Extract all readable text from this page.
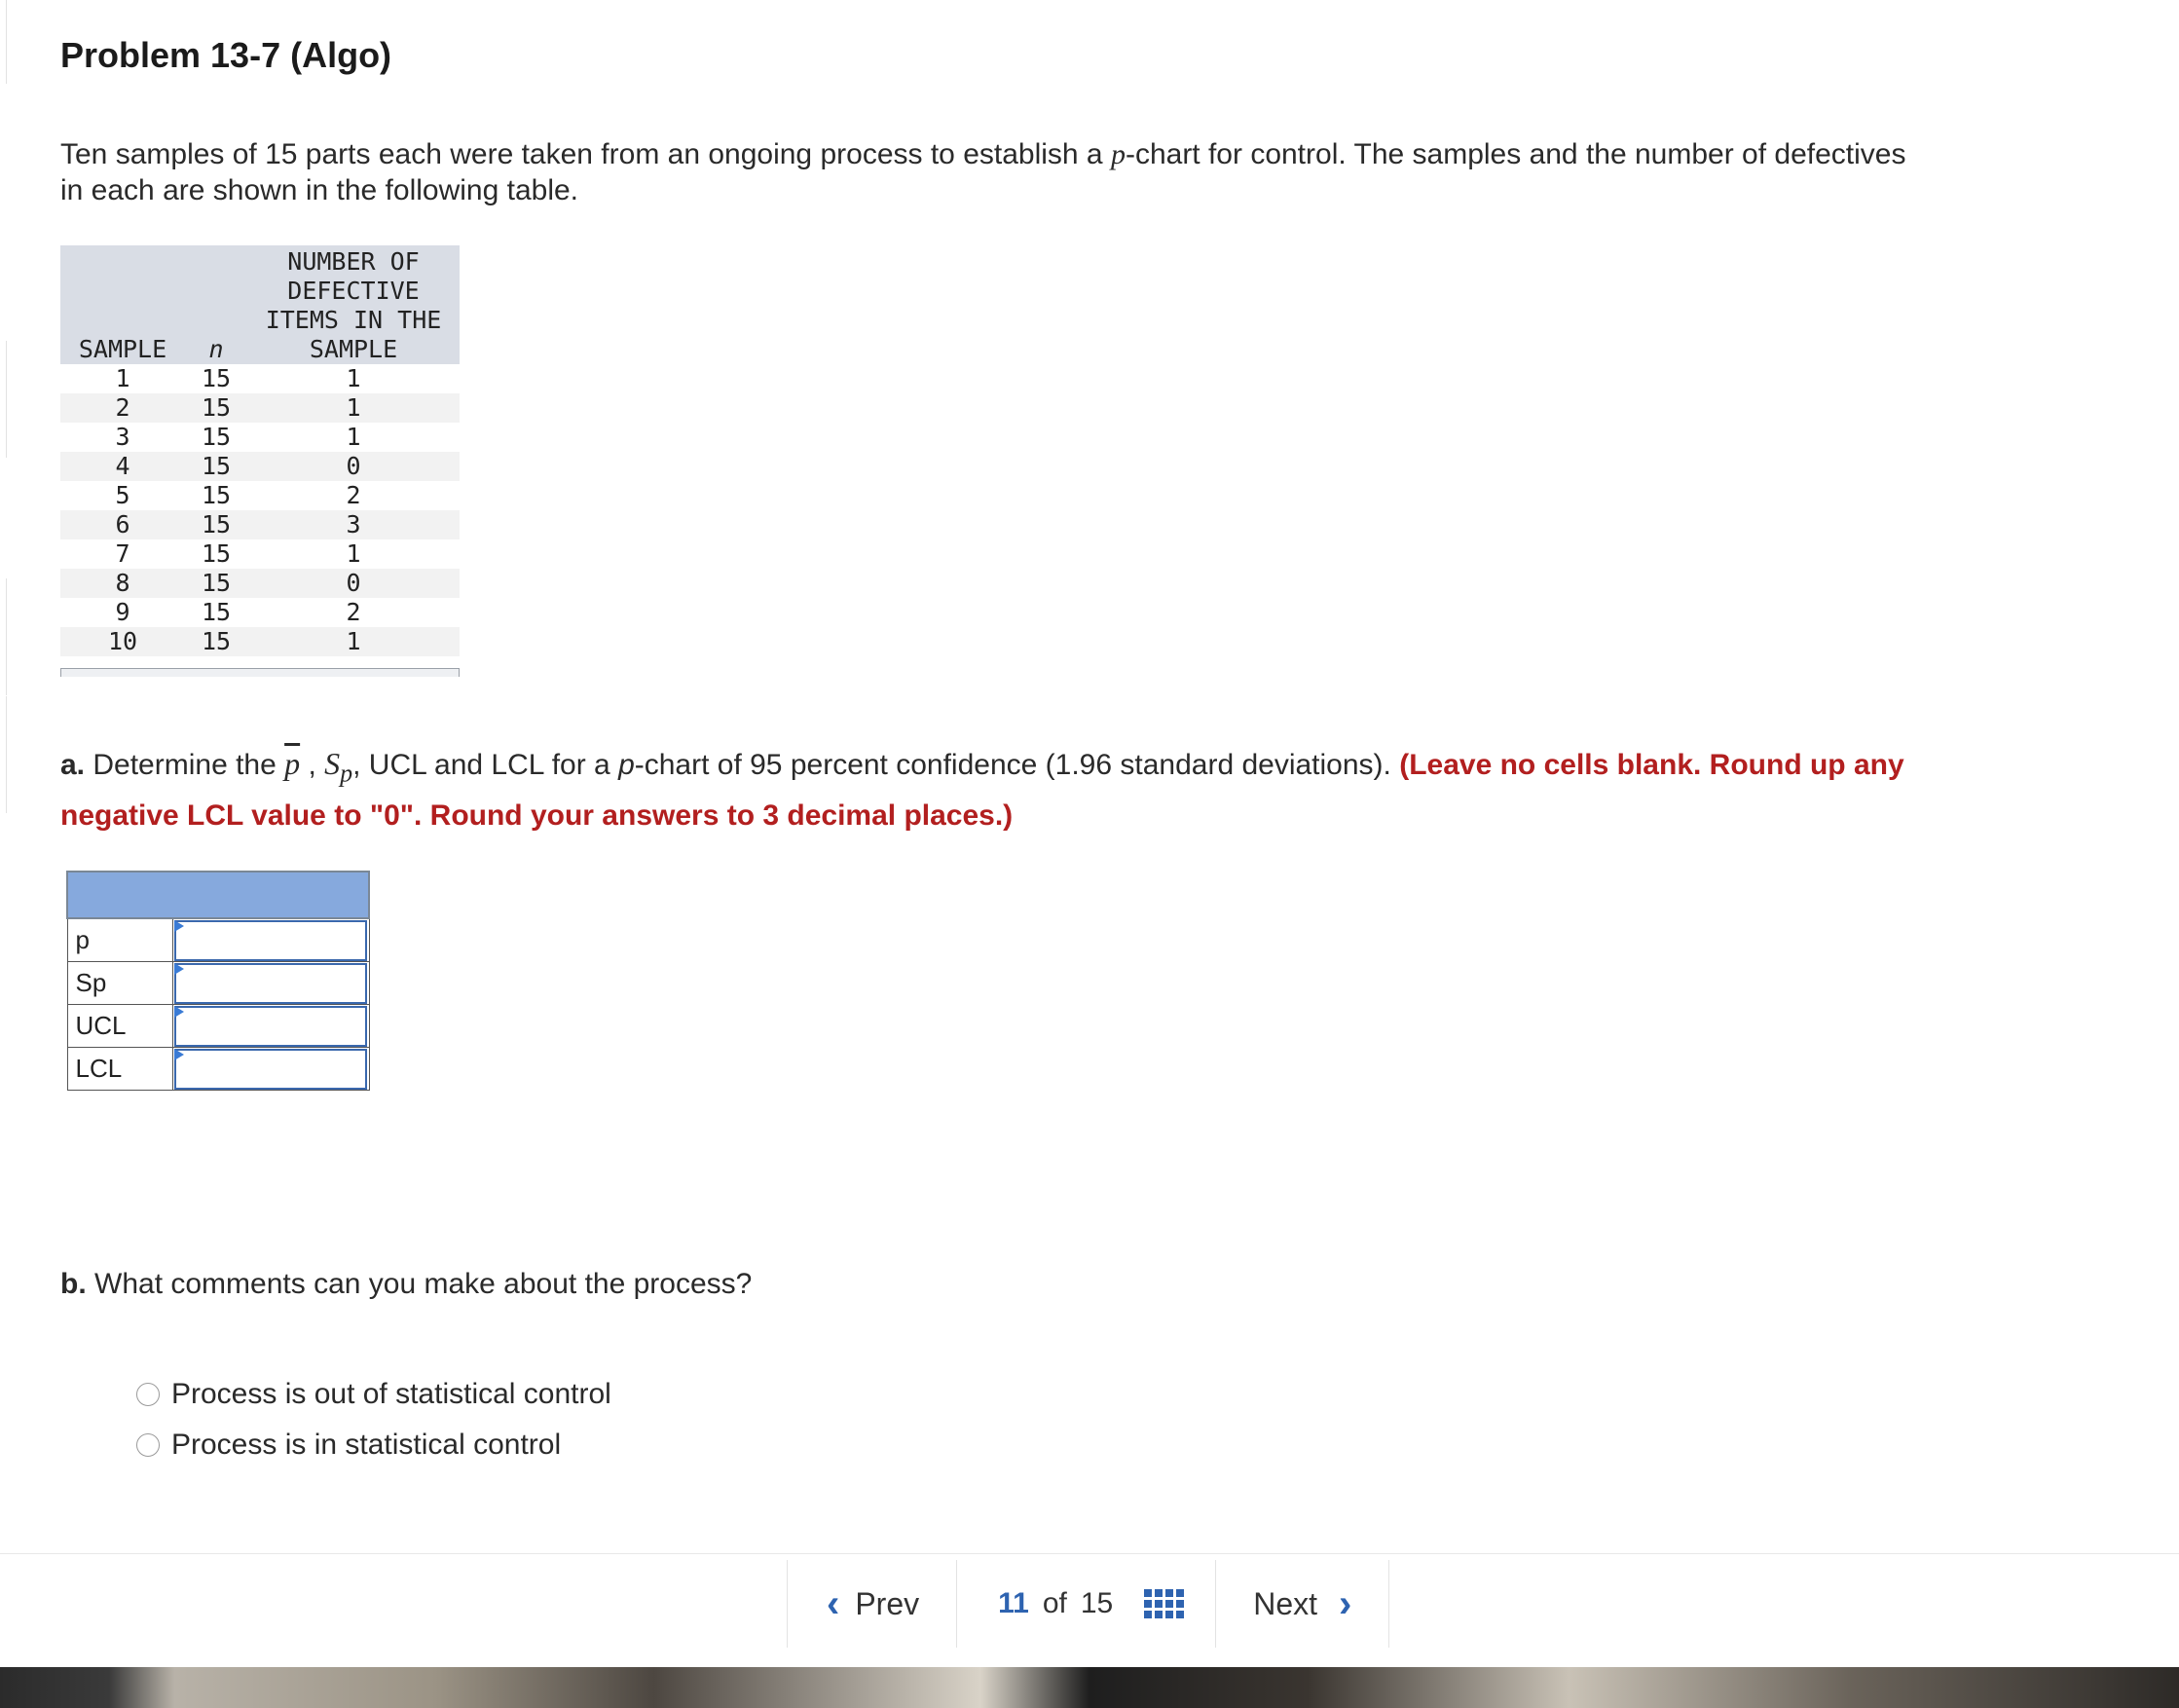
Problem 13-7 (Algo)
Ten samples of 15 parts each were taken from an ongoing process to establish a p-chart for control. The samples and the number of defectives in each are shown in the following table.
SAMPLE	n	NUMBER OF
DEFECTIVE
ITEMS IN THE
SAMPLE

1	15	1
2	15	1
3	15	1
4	15	0
5	15	2
6	15	3
7	15	1
8	15	0
9	15	2
10	15	1
a. Determine the $\overline{p}$ , $S_p$, UCL and LCL for a p-chart of 95 percent confidence (1.96 standard deviations). (Leave no cells blank. Round up any negative LCL value to "0". Round your answers to 3 decimal places.)

p	

Sp	

UCL	

LCL	
b. What comments can you make about the process?
Process is out of statistical control
Process is in statistical control
‹ Prev	11 of 15	Next ›
